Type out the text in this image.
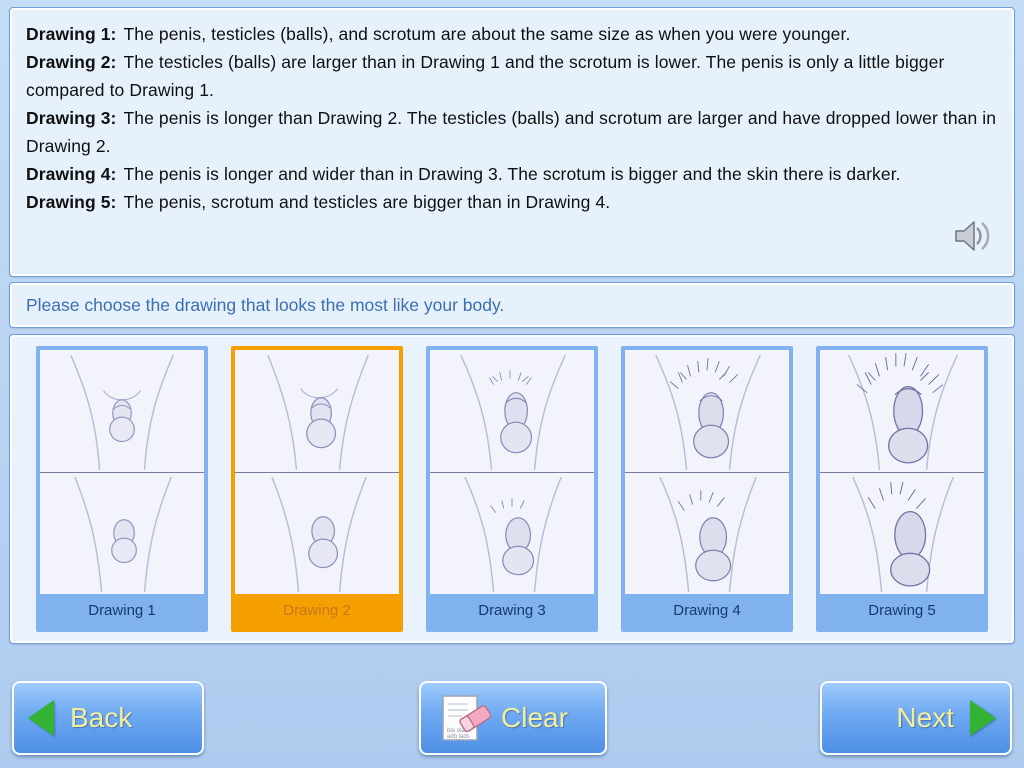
Drawing 1: The penis, testicles (balls), and scrotum are about the same size as when you were younger.
Drawing 2: The testicles (balls) are larger than in Drawing 1 and the scrotum is lower. The penis is only a little bigger compared to Drawing 1.
Drawing 3: The penis is longer than Drawing 2. The testicles (balls) and scrotum are larger and have dropped lower than in Drawing 2.
Drawing 4: The penis is longer and wider than in Drawing 3. The scrotum is bigger and the skin there is darker.
Drawing 5: The penis, scrotum and testicles are bigger than in Drawing 4.
Please choose the drawing that looks the most like your body.
Drawing 1	Drawing 2	Drawing 3	Drawing 4	Drawing 5
Back	bla ola
adb lads
Clear	Next
